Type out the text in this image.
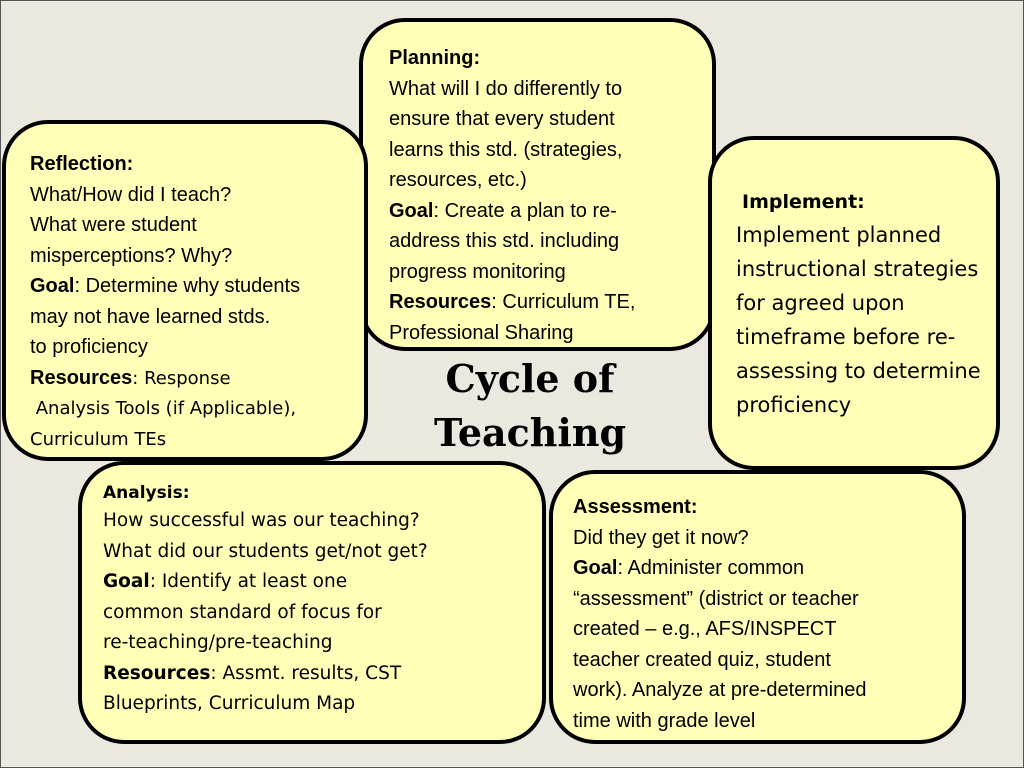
Planning:
What will I do differently to
ensure that every student
learns this std. (strategies,
resources, etc.)
Goal: Create a plan to re-
address this std. including
progress monitoring
Resources: Curriculum TE,
Professional Sharing
Reflection:
What/How did I teach?
What were student
misperceptions? Why?
Goal: Determine why students
may not have learned stds.
to proficiency
Resources: Response
Analysis Tools (if Applicable),
Curriculum TEs
Implement:
Implement planned
instructional strategies
for agreed upon
timeframe before re-
assessing to determine
proficiency
Analysis:
How successful was our teaching?
What did our students get/not get?
Goal: Identify at least one
common standard of focus for
re-teaching/pre-teaching
Resources: Assmt. results, CST
Blueprints, Curriculum Map
Assessment:
Did they get it now?
Goal: Administer common
“assessment” (district or teacher
created – e.g., AFS/INSPECT
teacher created quiz, student
work). Analyze at pre-determined
time with grade level
Cycle of
Teaching
